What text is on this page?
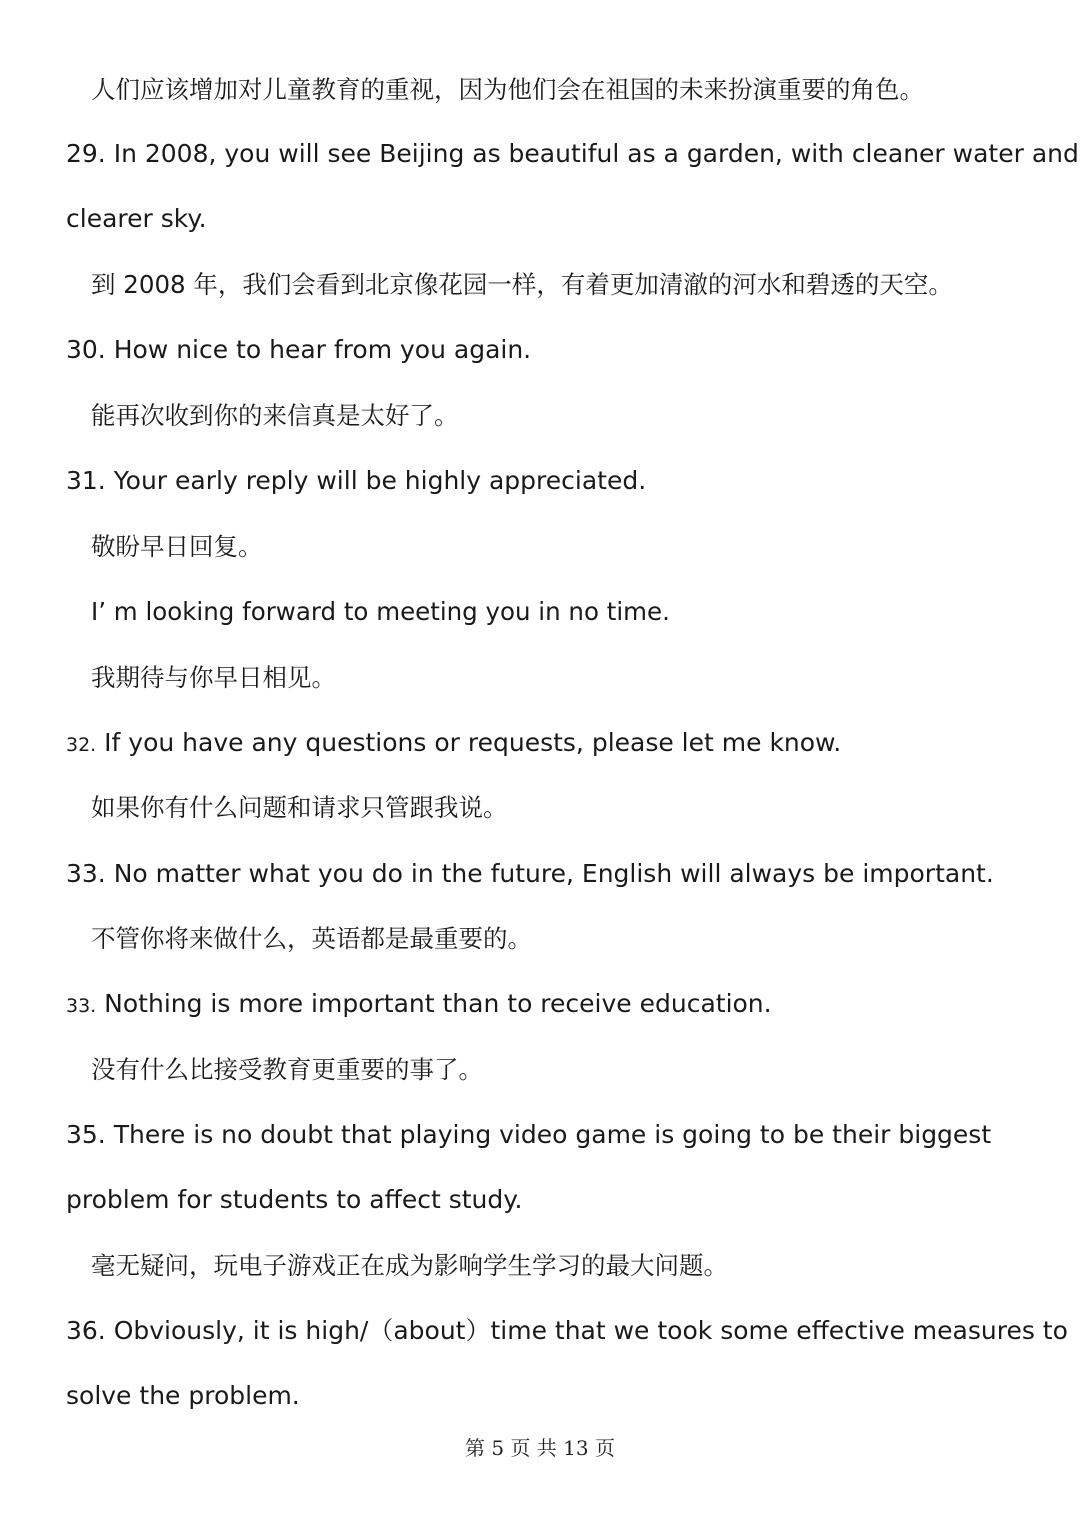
人们应该增加对儿童教育的重视，因为他们会在祖国的未来扮演重要的角色。
29. In 2008, you will see Beijing as beautiful as a garden, with cleaner water and
clearer sky.
到 2008 年，我们会看到北京像花园一样，有着更加清澈的河水和碧透的天空。
30. How nice to hear from you again.
能再次收到你的来信真是太好了。
31. Your early reply will be highly appreciated.
敬盼早日回复。
I’ m looking forward to meeting you in no time.
我期待与你早日相见。
32. If you have any questions or requests, please let me know.
如果你有什么问题和请求只管跟我说。
33. No matter what you do in the future, English will always be important.
不管你将来做什么，英语都是最重要的。
33. Nothing is more important than to receive education.
没有什么比接受教育更重要的事了。
35. There is no doubt that playing video game is going to be their biggest
problem for students to affect study.
毫无疑问，玩电子游戏正在成为影响学生学习的最大问题。
36. Obviously, it is high/（about）time that we took some effective measures to
solve the problem.
第 5 页 共 13 页
